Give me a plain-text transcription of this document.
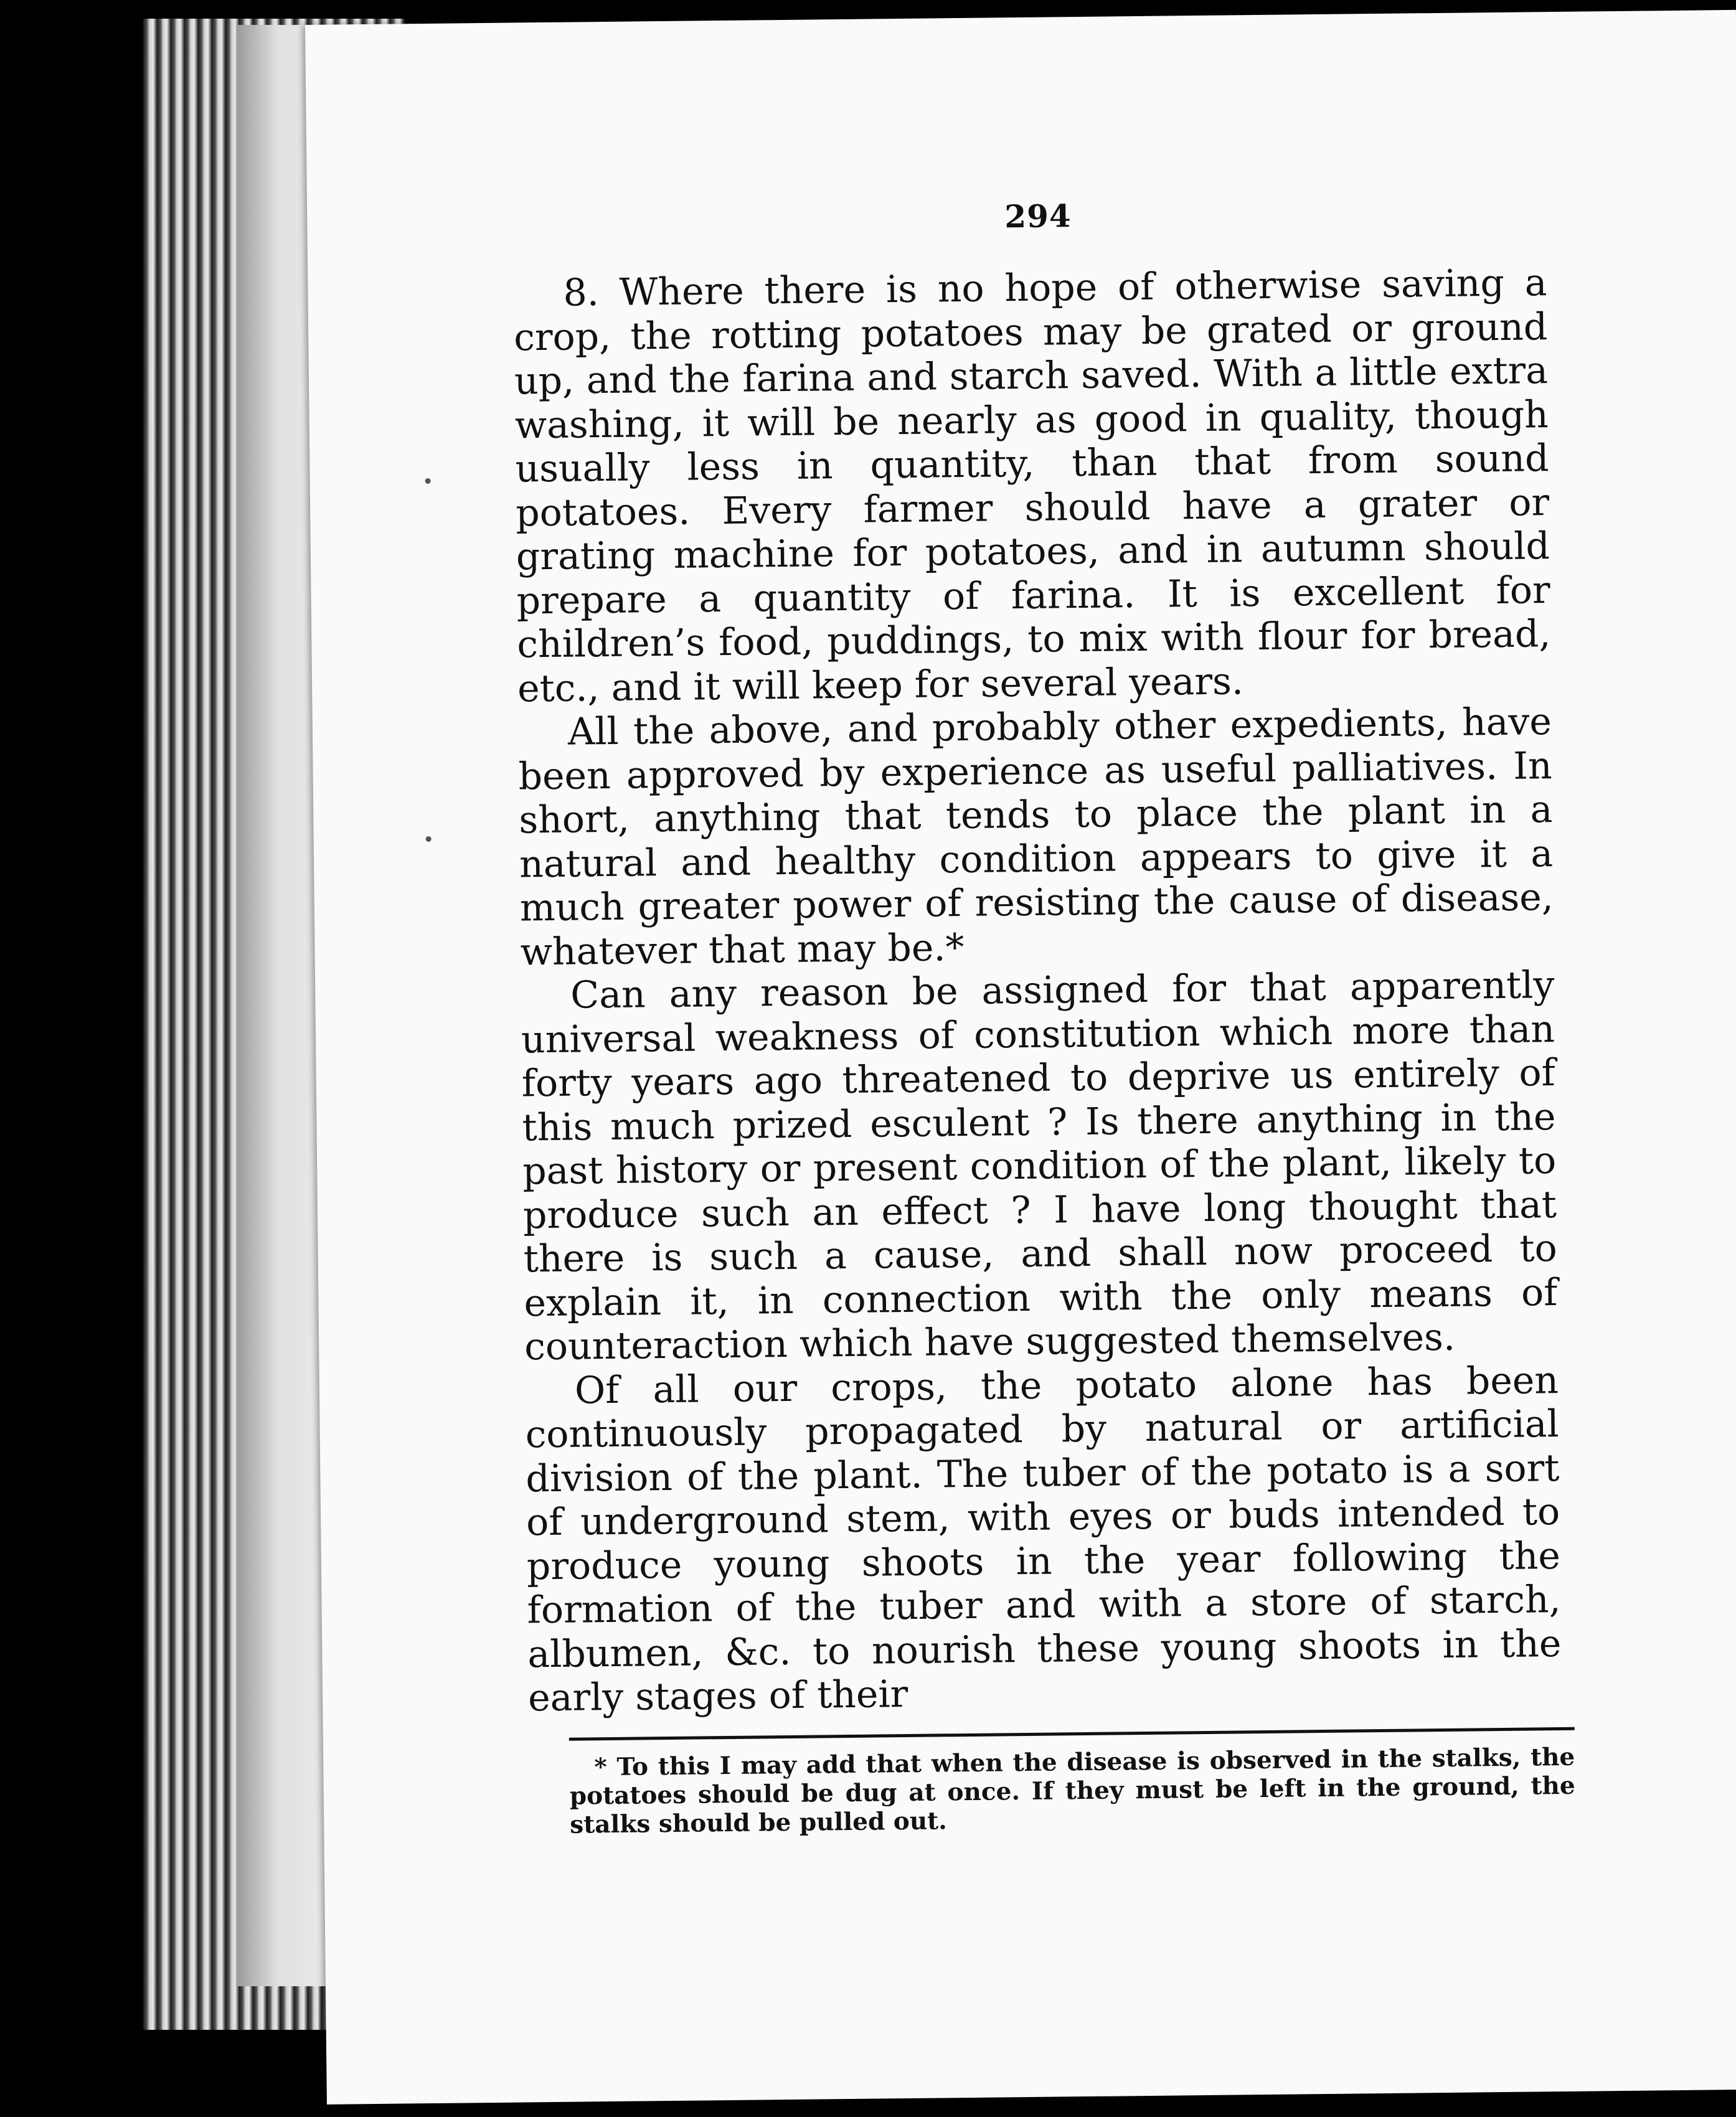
294

8. Where there is no hope of otherwise saving a crop, the rotting potatoes may be grated or ground up, and the farina and starch saved. With a little extra washing, it will be nearly as good in quality, though usually less in quantity, than that from sound potatoes. Every farmer should have a grater or grating machine for potatoes, and in autumn should prepare a quantity of farina. It is excellent for children’s food, puddings, to mix with flour for bread, etc., and it will keep for several years.

All the above, and probably other expedients, have been approved by experience as useful palliatives. In short, anything that tends to place the plant in a natural and healthy condition appears to give it a much greater power of resisting the cause of disease, whatever that may be.*

Can any reason be assigned for that apparently universal weakness of constitution which more than forty years ago threatened to deprive us entirely of this much prized esculent ? Is there anything in the past history or present condition of the plant, likely to produce such an effect ? I have long thought that there is such a cause, and shall now proceed to explain it, in connection with the only means of counteraction which have suggested themselves.

Of all our crops, the potato alone has been continuously propagated by natural or artificial division of the plant. The tuber of the potato is a sort of underground stem, with eyes or buds intended to produce young shoots in the year following the formation of the tuber and with a store of starch, albumen, &c. to nourish these young shoots in the early stages of their

* To this I may add that when the disease is observed in the stalks, the potatoes should be dug at once. If they must be left in the ground, the stalks should be pulled out.
